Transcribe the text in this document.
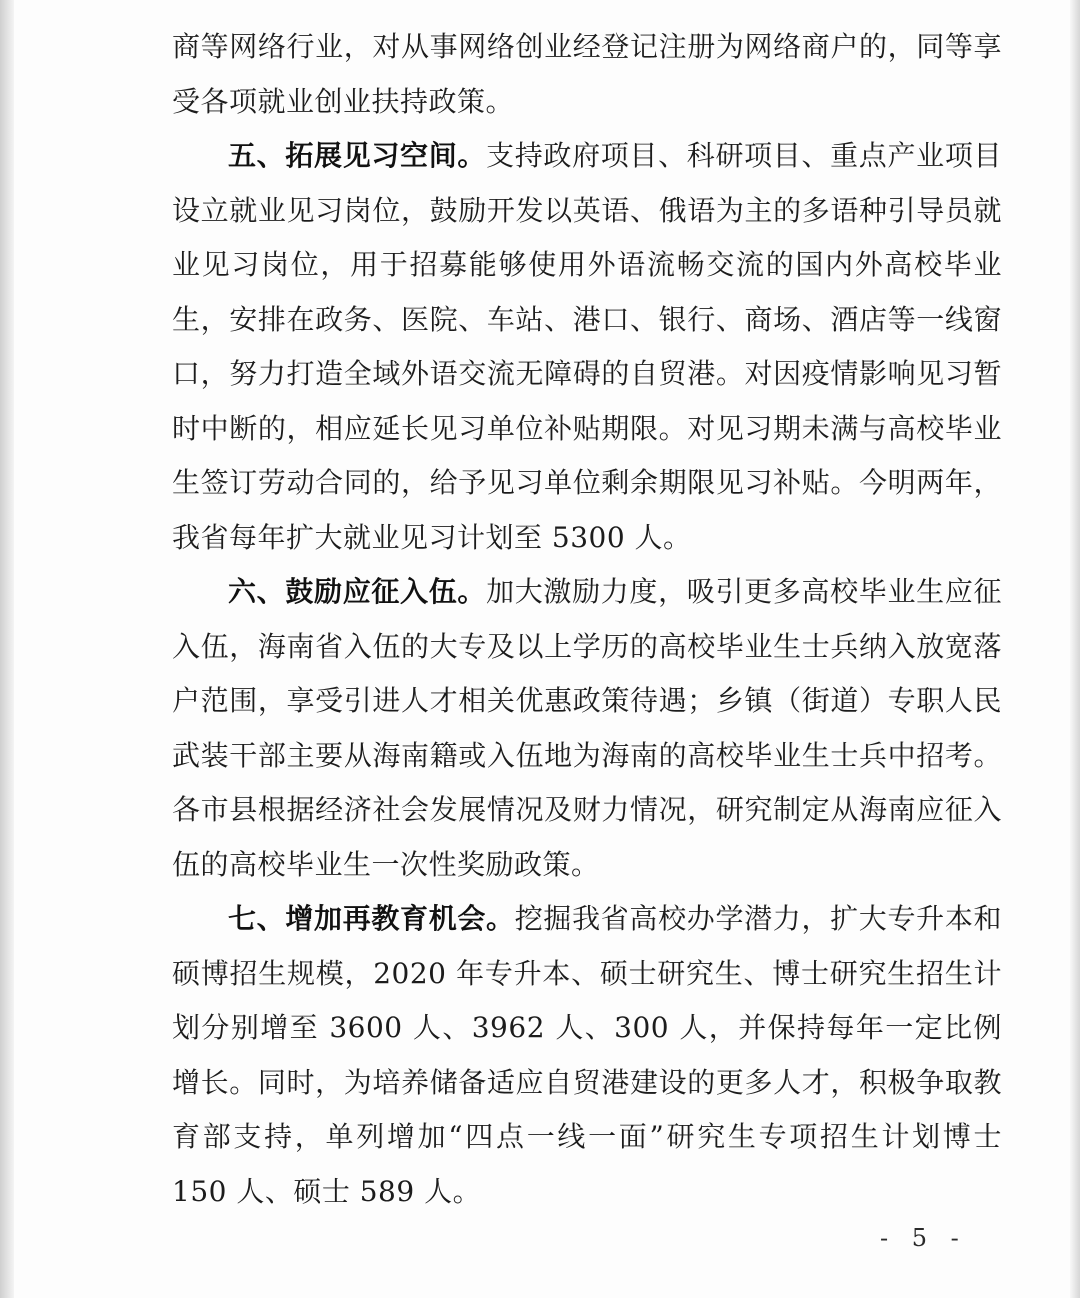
商等网络行业，对从事网络创业经登记注册为网络商户的，同等享受各项就业创业扶持政策。

五、拓展见习空间。支持政府项目、科研项目、重点产业项目设立就业见习岗位，鼓励开发以英语、俄语为主的多语种引导员就业见习岗位，用于招募能够使用外语流畅交流的国内外高校毕业生，安排在政务、医院、车站、港口、银行、商场、酒店等一线窗口，努力打造全域外语交流无障碍的自贸港。对因疫情影响见习暂时中断的，相应延长见习单位补贴期限。对见习期未满与高校毕业生签订劳动合同的，给予见习单位剩余期限见习补贴。今明两年，我省每年扩大就业见习计划至 5300 人。

六、鼓励应征入伍。加大激励力度，吸引更多高校毕业生应征入伍，海南省入伍的大专及以上学历的高校毕业生士兵纳入放宽落户范围，享受引进人才相关优惠政策待遇；乡镇（街道）专职人民武装干部主要从海南籍或入伍地为海南的高校毕业生士兵中招考。各市县根据经济社会发展情况及财力情况，研究制定从海南应征入伍的高校毕业生一次性奖励政策。

七、增加再教育机会。挖掘我省高校办学潜力，扩大专升本和硕博招生规模，2020 年专升本、硕士研究生、博士研究生招生计划分别增至 3600 人、3962 人、300 人，并保持每年一定比例增长。同时，为培养储备适应自贸港建设的更多人才，积极争取教育部支持，单列增加“四点一线一面”研究生专项招生计划博士 150 人、硕士 589 人。

- 5 -
